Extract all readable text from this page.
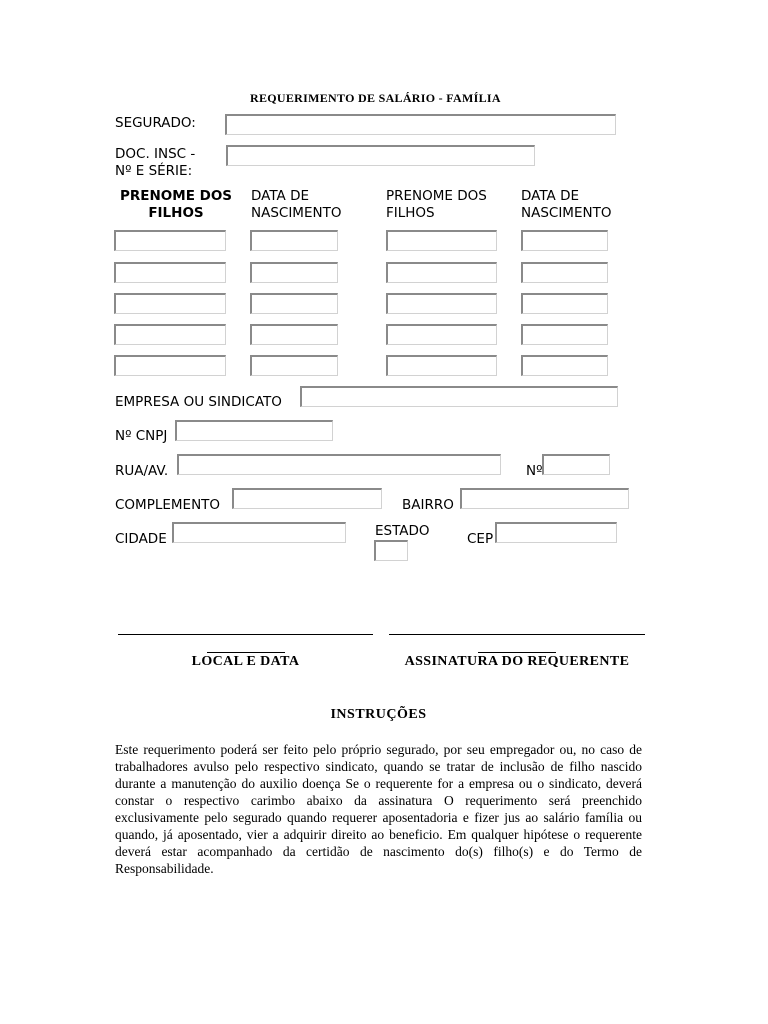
REQUERIMENTO DE SALÁRIO - FAMÍLIA
SEGURADO:
DOC. INSC -
Nº E SÉRIE:
PRENOME DOS
FILHOS
DATA DE
NASCIMENTO
PRENOME DOS
FILHOS
DATA DE
NASCIMENTO
EMPRESA OU SINDICATO
Nº CNPJ
RUA/AV.	Nº
COMPLEMENTO	BAIRRO
CIDADE	ESTADO	CEP
LOCAL E DATA	ASSINATURA DO REQUERENTE
INSTRUÇÕES
Este requerimento poderá ser feito pelo próprio segurado, por seu empregador ou, no caso de trabalhadores avulso pelo respectivo sindicato, quando se tratar de inclusão de filho nascido durante a manutenção do auxilio doença Se o requerente for a empresa ou o sindicato, deverá constar o respectivo carimbo abaixo da assinatura O requerimento será preenchido exclusivamente pelo segurado quando requerer aposentadoria e fizer jus ao salário família ou quando, já aposentado, vier a adquirir direito ao beneficio. Em qualquer hipótese o requerente deverá estar acompanhado da certidão de nascimento do(s) filho(s) e do Termo de Responsabilidade.
